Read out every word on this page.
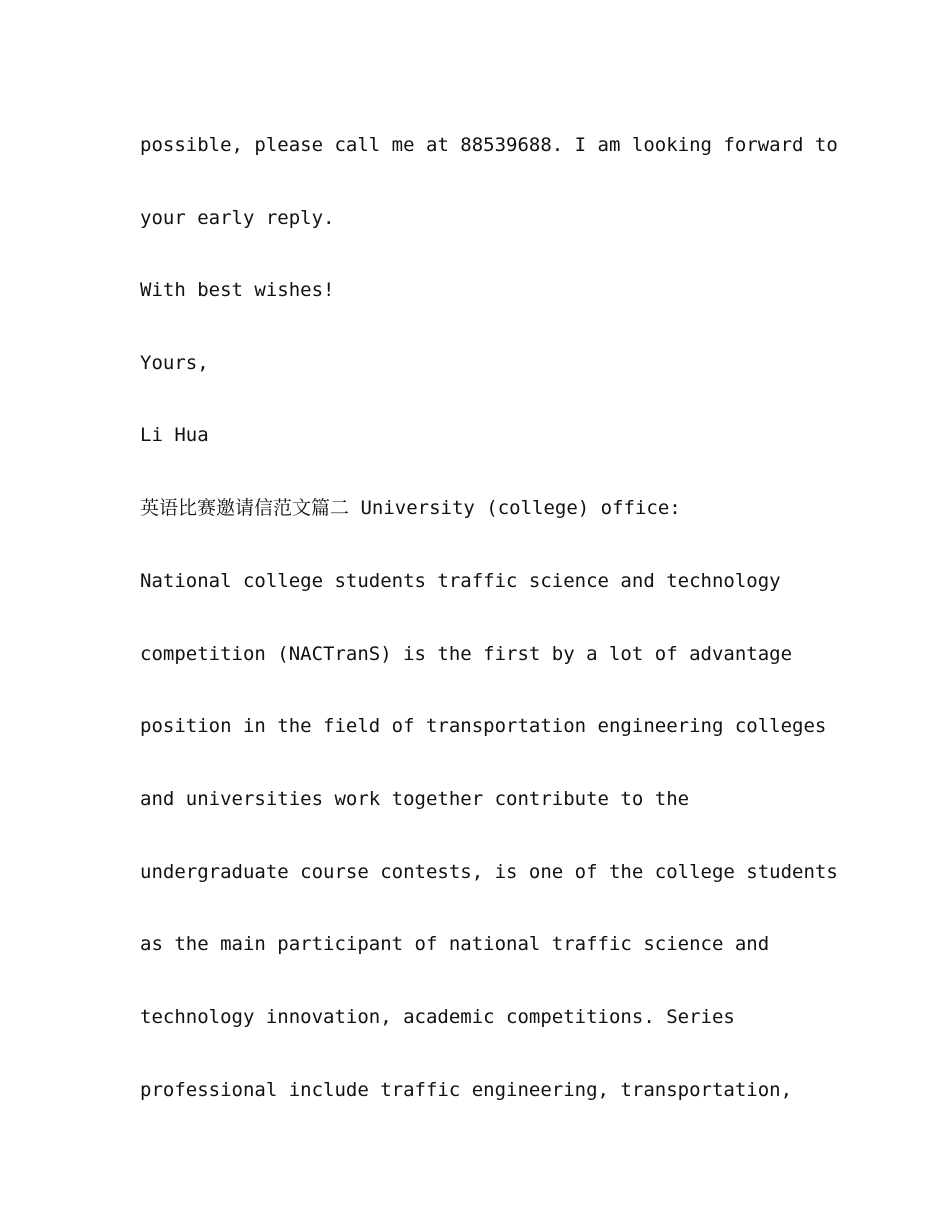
possible, please call me at 88539688. I am looking forward to

your early reply.

With best wishes!

Yours,

Li Hua

英语比赛邀请信范文篇二 University (college) office:

National college students traffic science and technology

competition (NACTranS) is the first by a lot of advantage

position in the field of transportation engineering colleges

and universities work together contribute to the

undergraduate course contests, is one of the college students

as the main participant of national traffic science and

technology innovation, academic competitions. Series

professional include traffic engineering, transportation,
